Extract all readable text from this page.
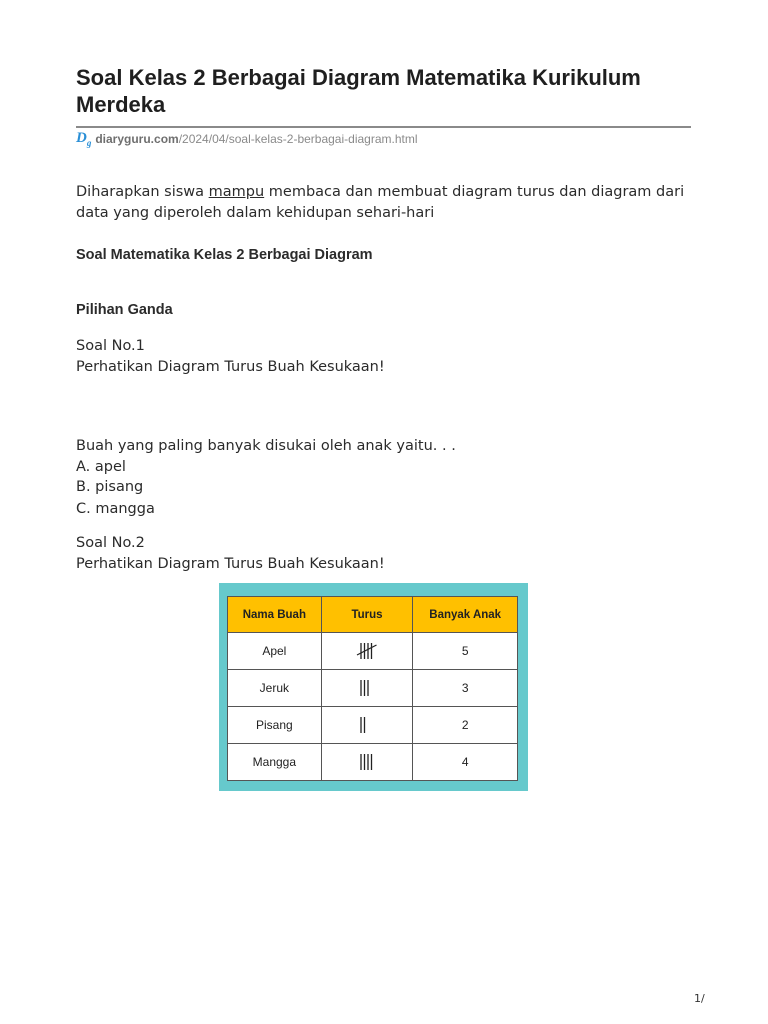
Soal Kelas 2 Berbagai Diagram Matematika Kurikulum Merdeka
$D_g$ diaryguru.com /2024/04/soal-kelas-2-berbagai-diagram.html

Diharapkan siswa mampu membaca dan membuat diagram turus dan diagram dari data yang diperoleh dalam kehidupan sehari-hari

Soal Matematika Kelas 2 Berbagai Diagram

Pilihan Ganda

Soal No.1
Perhatikan Diagram Turus Buah Kesukaan!
Buah yang paling banyak disukai oleh anak yaitu. . .
A. apel
B. pisang
C. mangga
Soal No.2
Perhatikan Diagram Turus Buah Kesukaan!
Nama Buah	Turus	Banyak Anak
Apel		5
Jeruk		3
Pisang		2
Mangga		4
1/
